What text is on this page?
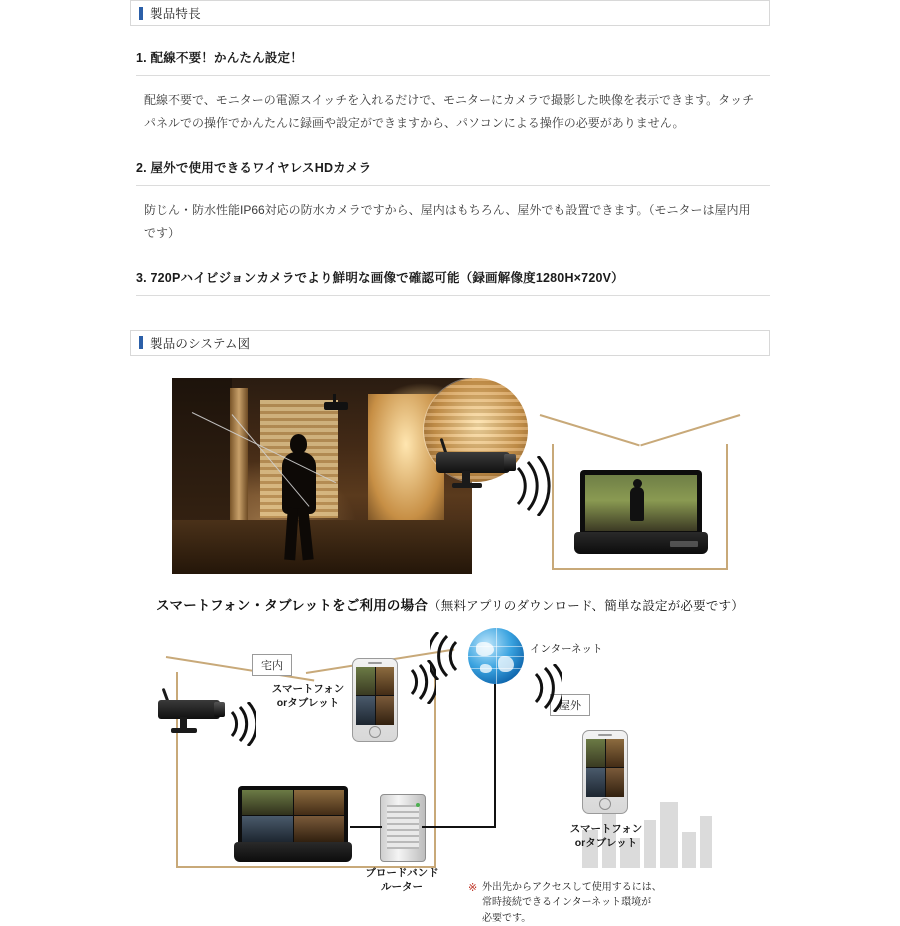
製品特長
1. 配線不要！かんたん設定！
配線不要で、モニターの電源スイッチを入れるだけで、モニターにカメラで撮影した映像を表示できます。タッチパネルでの操作でかんたんに録画や設定ができますから、パソコンによる操作の必要がありません。
2. 屋外で使用できるワイヤレスHDカメラ
防じん・防水性能IP66対応の防水カメラですから、屋内はもちろん、屋外でも設置できます。（モニターは屋内用です）
3. 720Pハイビジョンカメラでより鮮明な画像で確認可能（録画解像度1280H×720V）
製品のシステム図
スマートフォン・タブレットをご利用の場合（無料アプリのダウンロード、簡単な設定が必要です）
宅内
屋外
インターネット
スマートフォン
orタブレット
ブロードバンド
ルーター
スマートフォン
orタブレット
※ 外出先からアクセスして使用するには、
常時接続できるインターネット環境が
必要です。
